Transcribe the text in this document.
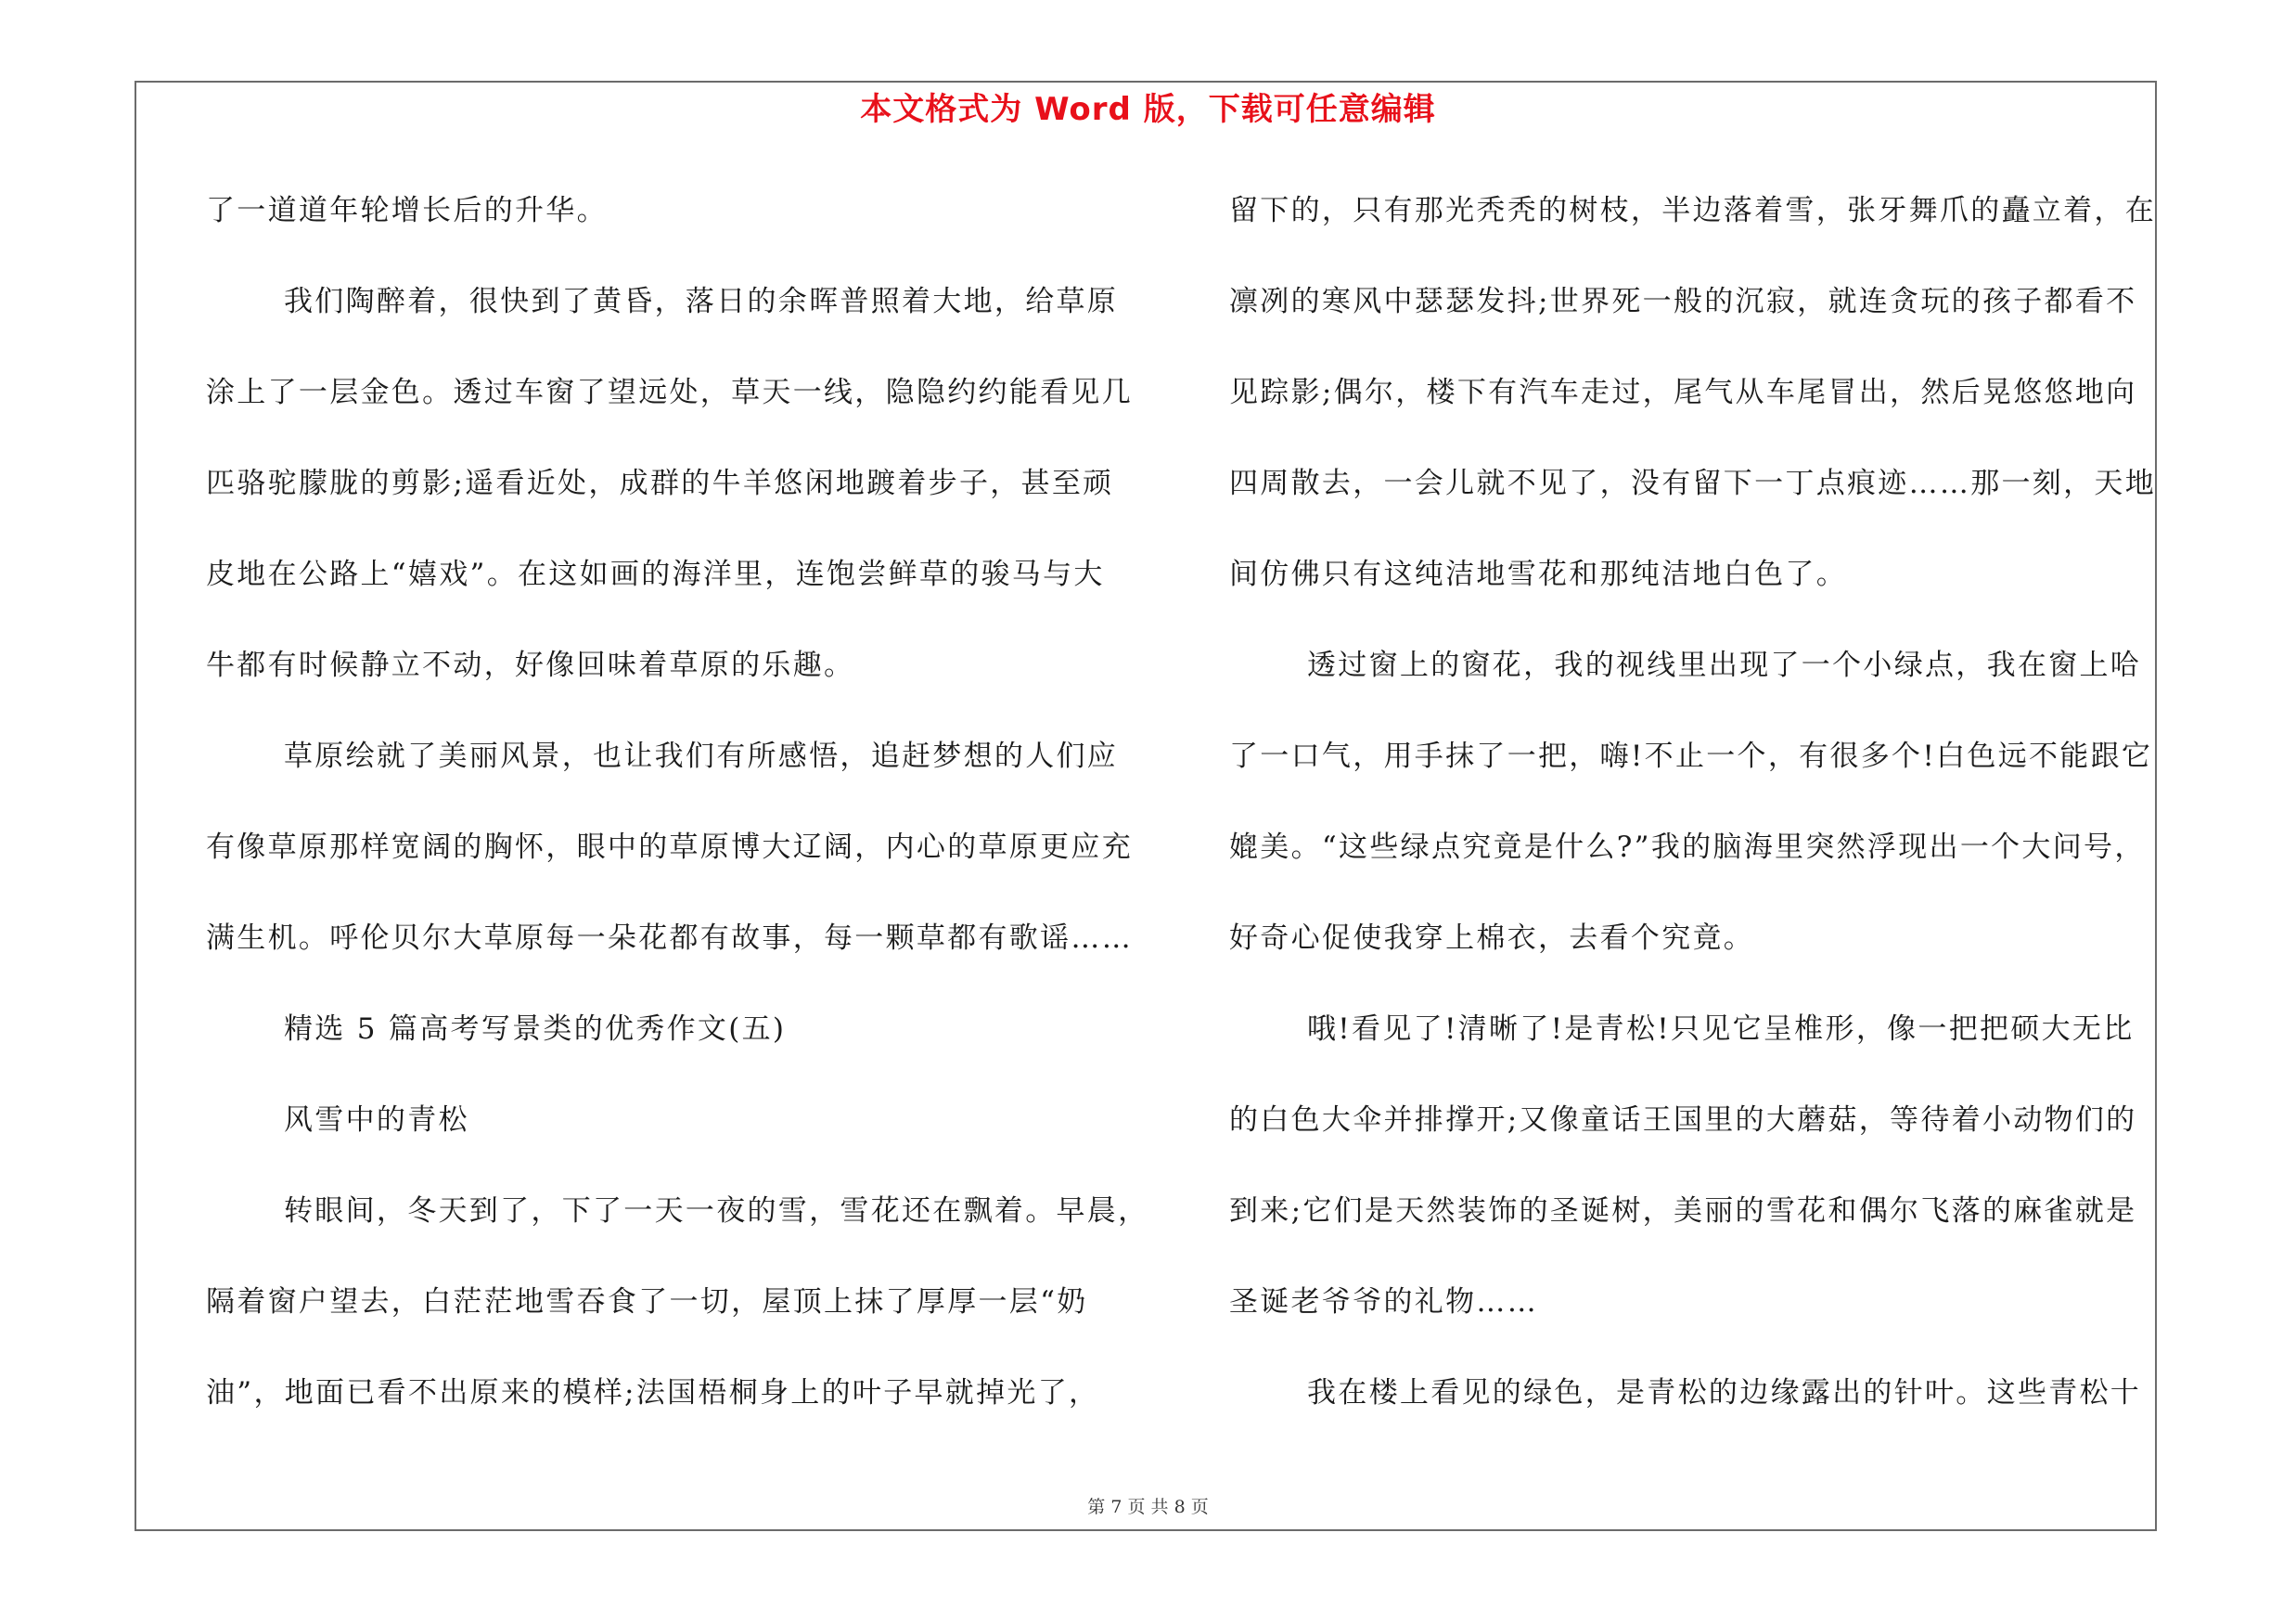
本文格式为 Word 版，下载可任意编辑
了一道道年轮增长后的升华。
我们陶醉着，很快到了黄昏，落日的余晖普照着大地，给草原
涂上了一层金色。透过车窗了望远处，草天一线，隐隐约约能看见几
匹骆驼朦胧的剪影;遥看近处，成群的牛羊悠闲地踱着步子，甚至顽
皮地在公路上“嬉戏”。在这如画的海洋里，连饱尝鲜草的骏马与大
牛都有时候静立不动，好像回味着草原的乐趣。
草原绘就了美丽风景，也让我们有所感悟，追赶梦想的人们应
有像草原那样宽阔的胸怀，眼中的草原博大辽阔，内心的草原更应充
满生机。呼伦贝尔大草原每一朵花都有故事，每一颗草都有歌谣……
精选 5 篇高考写景类的优秀作文(五)
风雪中的青松
转眼间，冬天到了，下了一天一夜的雪，雪花还在飘着。早晨，
隔着窗户望去，白茫茫地雪吞食了一切，屋顶上抹了厚厚一层“奶
油”，地面已看不出原来的模样;法国梧桐身上的叶子早就掉光了，
留下的，只有那光秃秃的树枝，半边落着雪，张牙舞爪的矗立着，在
凛冽的寒风中瑟瑟发抖;世界死一般的沉寂，就连贪玩的孩子都看不
见踪影;偶尔，楼下有汽车走过，尾气从车尾冒出，然后晃悠悠地向
四周散去，一会儿就不见了，没有留下一丁点痕迹……那一刻，天地
间仿佛只有这纯洁地雪花和那纯洁地白色了。
透过窗上的窗花，我的视线里出现了一个小绿点，我在窗上哈
了一口气，用手抹了一把，嗨!不止一个，有很多个!白色远不能跟它
媲美。“这些绿点究竟是什么?”我的脑海里突然浮现出一个大问号，
好奇心促使我穿上棉衣，去看个究竟。
哦!看见了!清晰了!是青松!只见它呈椎形，像一把把硕大无比
的白色大伞并排撑开;又像童话王国里的大蘑菇，等待着小动物们的
到来;它们是天然装饰的圣诞树，美丽的雪花和偶尔飞落的麻雀就是
圣诞老爷爷的礼物……
我在楼上看见的绿色，是青松的边缘露出的针叶。这些青松十
第 7 页 共 8 页
